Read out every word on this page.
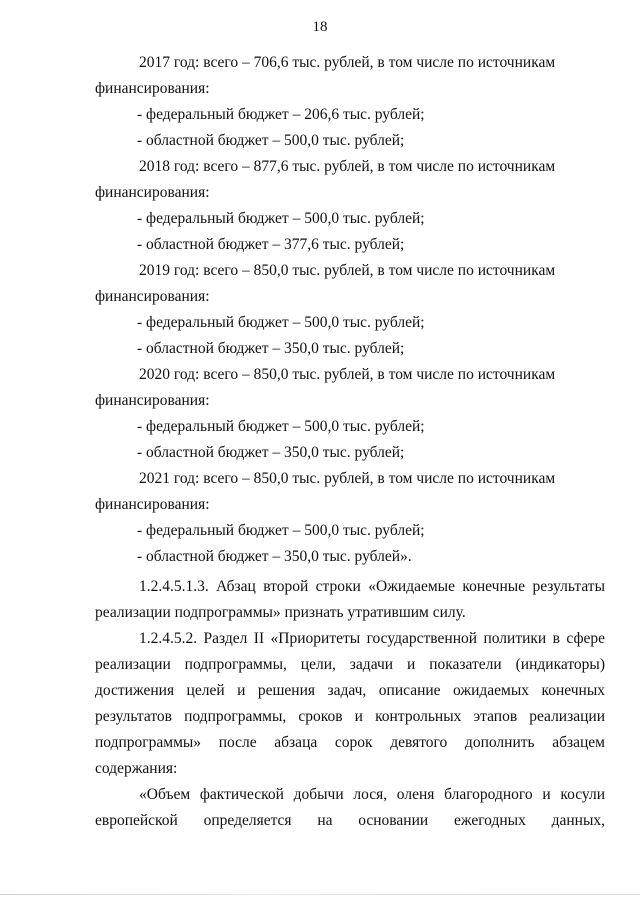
18
2017 год: всего – 706,6 тыс. рублей, в том числе по источникам
финансирования:
- федеральный бюджет – 206,6 тыс. рублей;
- областной бюджет – 500,0 тыс. рублей;
2018 год: всего – 877,6 тыс. рублей, в том числе по источникам
финансирования:
- федеральный бюджет – 500,0 тыс. рублей;
- областной бюджет – 377,6 тыс. рублей;
2019 год: всего – 850,0 тыс. рублей, в том числе по источникам
финансирования:
- федеральный бюджет – 500,0 тыс. рублей;
- областной бюджет – 350,0 тыс. рублей;
2020 год: всего – 850,0 тыс. рублей, в том числе по источникам
финансирования:
- федеральный бюджет – 500,0 тыс. рублей;
- областной бюджет – 350,0 тыс. рублей;
2021 год: всего – 850,0 тыс. рублей, в том числе по источникам
финансирования:
- федеральный бюджет – 500,0 тыс. рублей;
- областной бюджет – 350,0 тыс. рублей».
1.2.4.5.1.3. Абзац второй строки «Ожидаемые конечные результаты
реализации подпрограммы» признать утратившим силу.
1.2.4.5.2. Раздел II «Приоритеты государственной политики в сфере
реализации подпрограммы, цели, задачи и показатели (индикаторы)
достижения целей и решения задач, описание ожидаемых конечных
результатов подпрограммы, сроков и контрольных этапов реализации
подпрограммы» после абзаца сорок девятого дополнить абзацем
содержания:
«Объем фактической добычи лося, оленя благородного и косули
европейской определяется на основании ежегодных данных,
